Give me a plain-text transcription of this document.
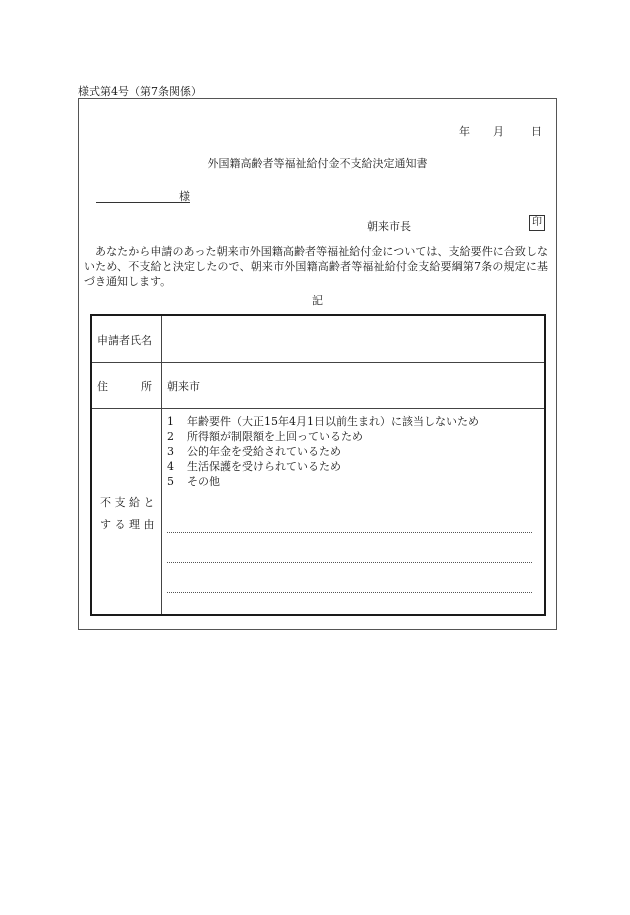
様式第4号（第7条関係）
年 月 日
外国籍高齢者等福祉給付金不支給決定通知書
様
朝来市長	印

　あなたから申請のあった朝来市外国籍高齢者等福祉給付金については、支給要件に合致しないため、不支給と決定したので、朝来市外国籍高齢者等福祉給付金支給要綱第7条の規定に基づき通知します。

記
申請者氏名
住　　　所 朝来市
不 支 給 と
す る 理 由
1 年齢要件（大正15年4月1日以前生まれ）に該当しないため
2 所得額が制限額を上回っているため
3 公的年金を受給されているため
4 生活保護を受けられているため
5 その他
